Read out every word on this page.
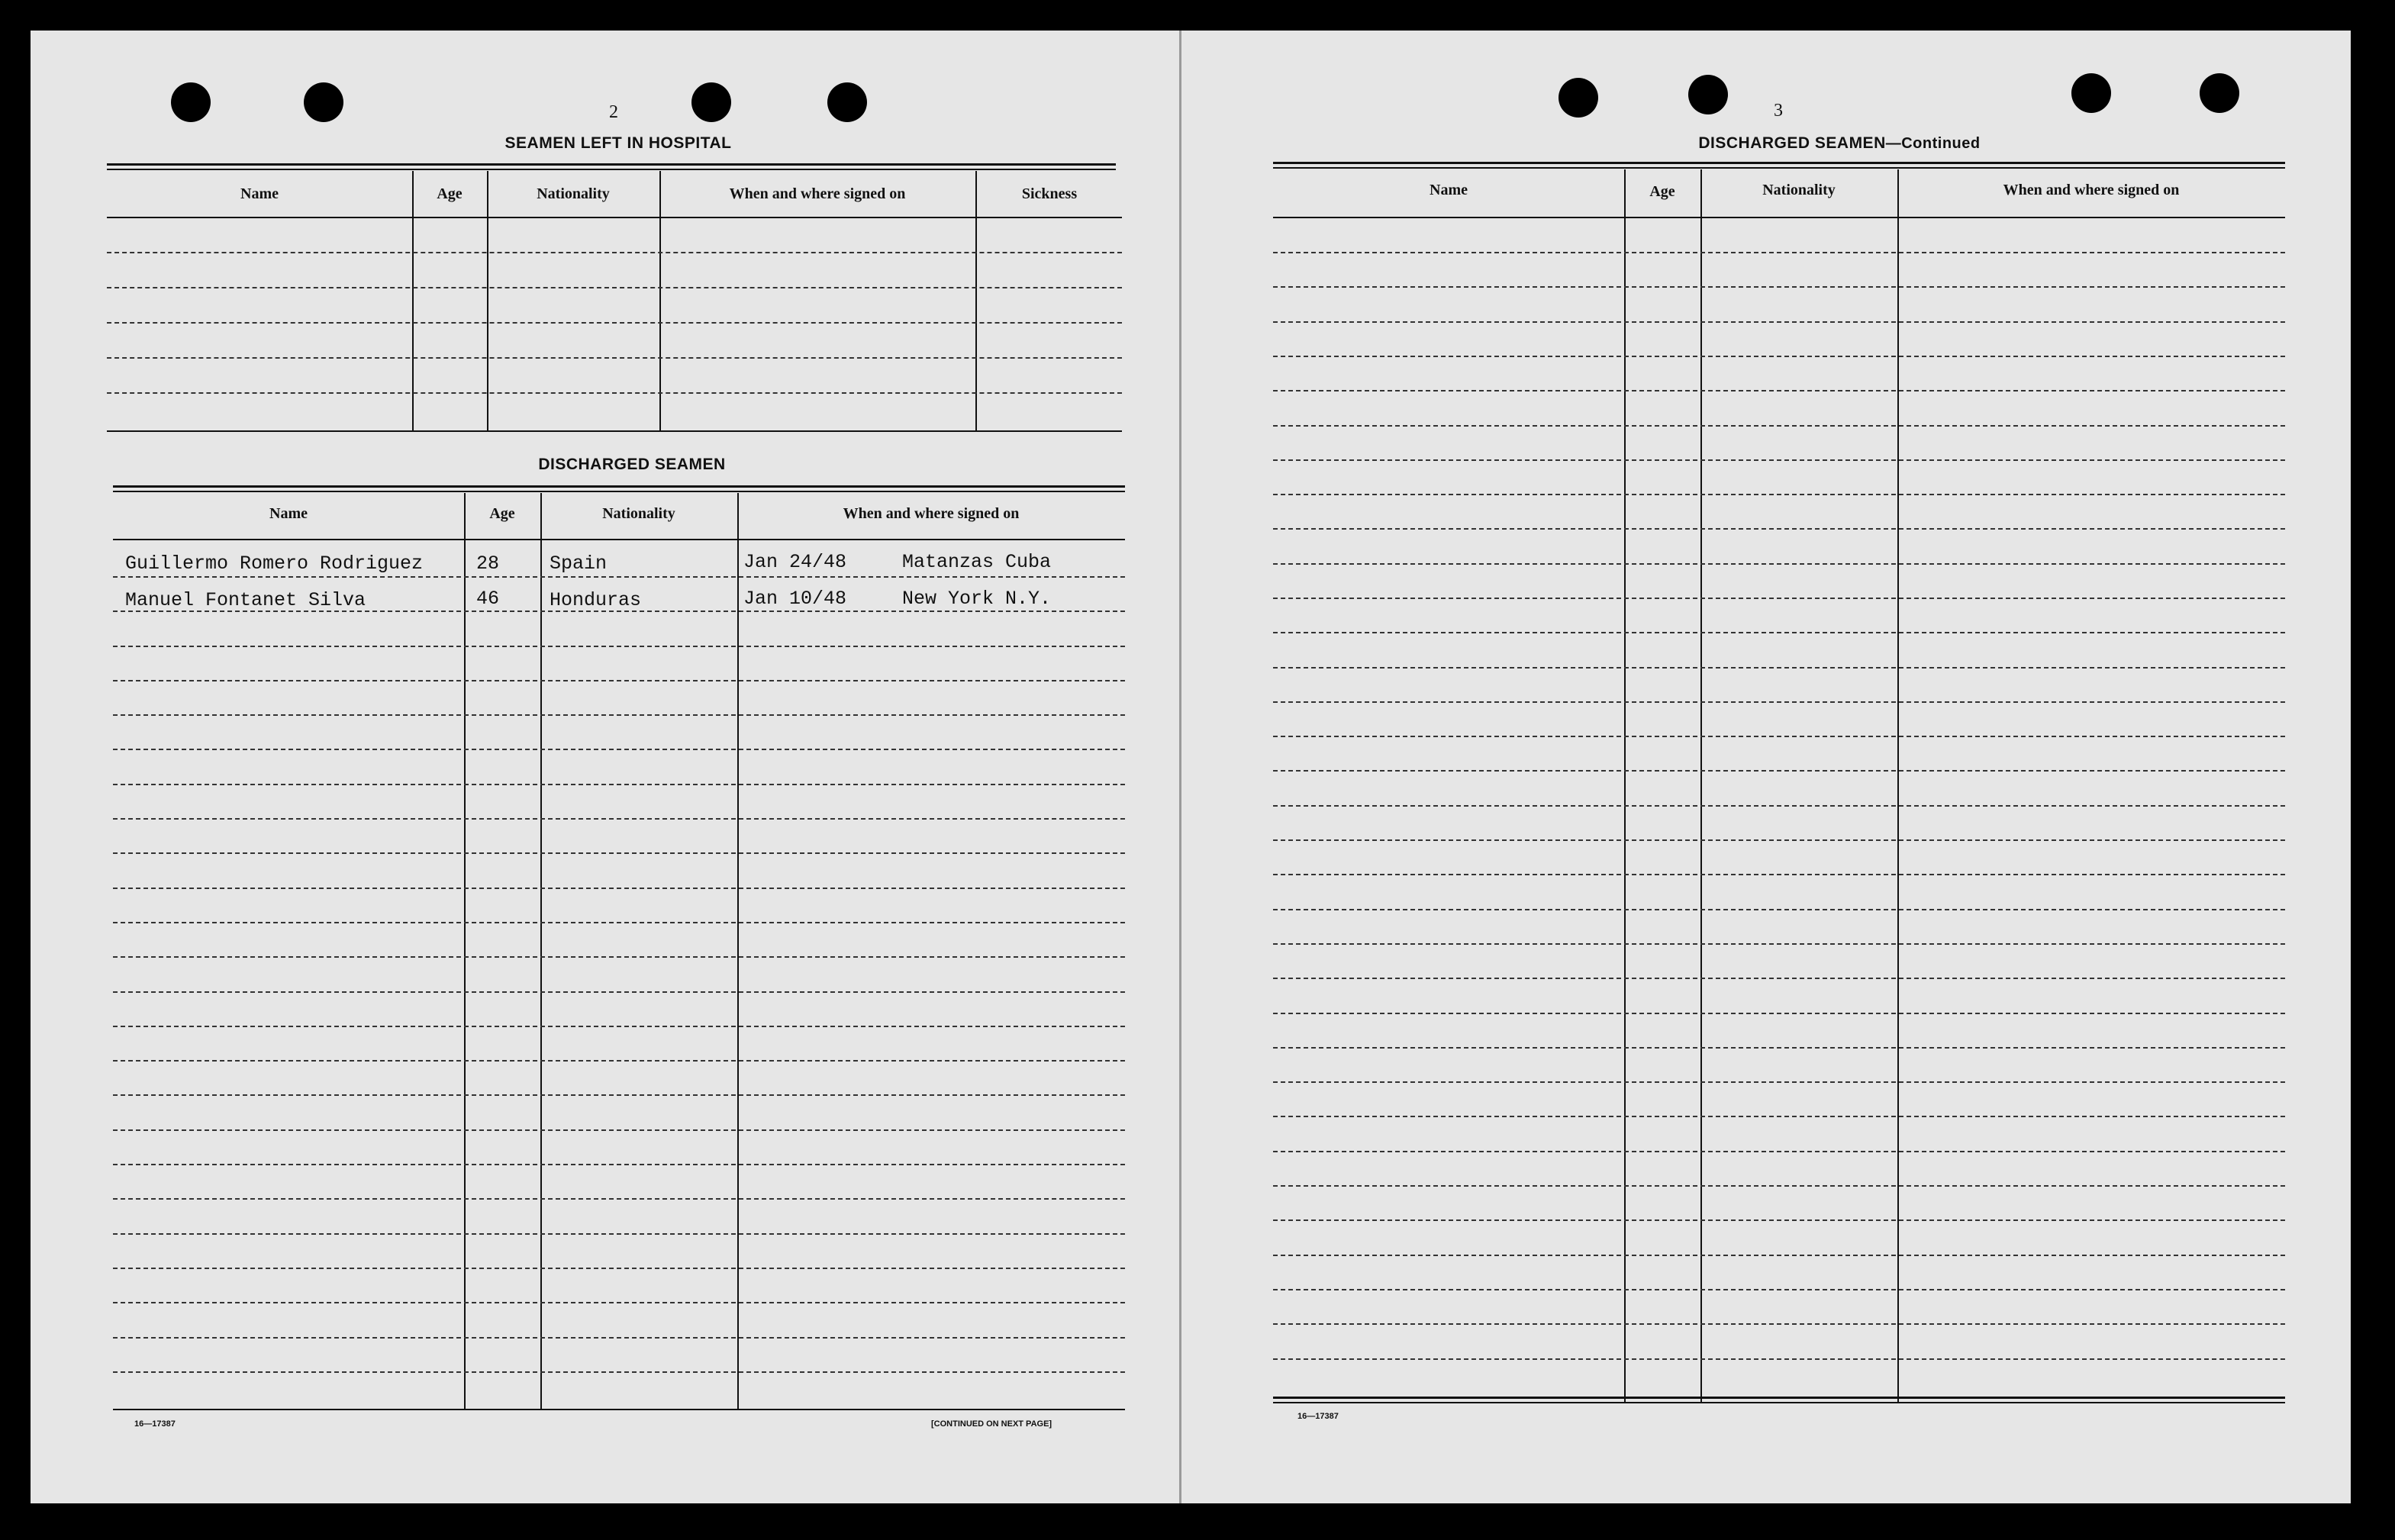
2
SEAMEN LEFT IN HOSPITAL
Name	Age	Nationality	When and where signed on	Sickness
DISCHARGED SEAMEN
Name	Age	Nationality	When and where signed on
Guillermo Romero Rodriguez	28	Spain	Jan 24/48	Matanzas Cuba
Manuel Fontanet Silva	46	Honduras	Jan 10/48	New York N.Y.
16—17387	[CONTINUED ON NEXT PAGE]
3
DISCHARGED SEAMEN—Continued
Name	Age	Nationality	When and where signed on
16—17387
